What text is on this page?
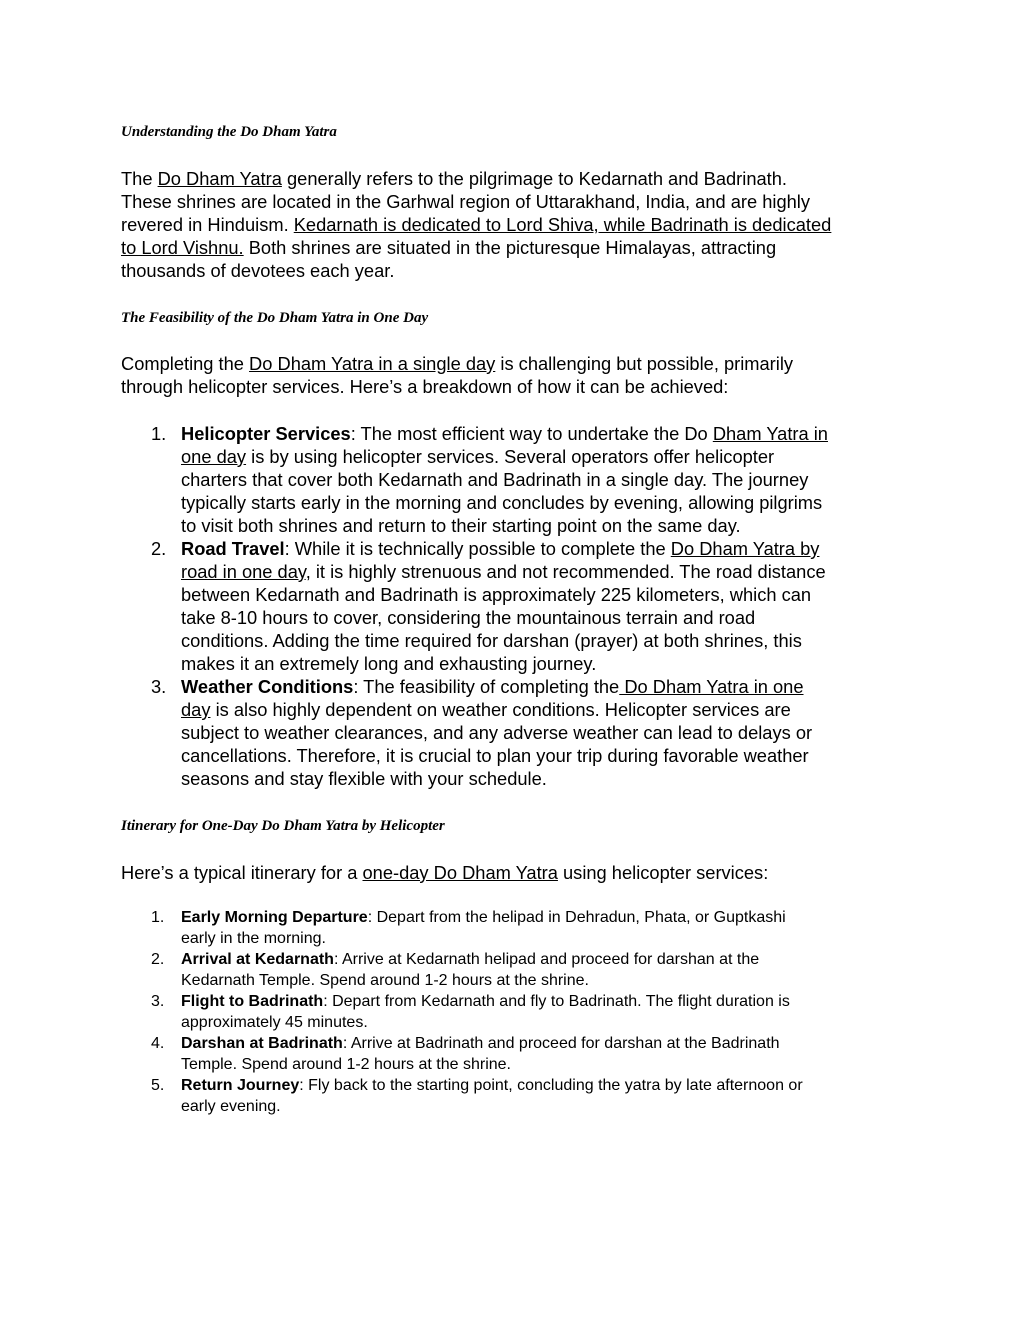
Understanding the Do Dham Yatra
The Do Dham Yatra generally refers to the pilgrimage to Kedarnath and Badrinath.
These shrines are located in the Garhwal region of Uttarakhand, India, and are highly
revered in Hinduism. Kedarnath is dedicated to Lord Shiva, while Badrinath is dedicated
to Lord Vishnu. Both shrines are situated in the picturesque Himalayas, attracting
thousands of devotees each year.
The Feasibility of the Do Dham Yatra in One Day
Completing the Do Dham Yatra in a single day is challenging but possible, primarily
through helicopter services. Here’s a breakdown of how it can be achieved:
1. Helicopter Services: The most efficient way to undertake the Do Dham Yatra in
one day is by using helicopter services. Several operators offer helicopter
charters that cover both Kedarnath and Badrinath in a single day. The journey
typically starts early in the morning and concludes by evening, allowing pilgrims
to visit both shrines and return to their starting point on the same day.
2. Road Travel: While it is technically possible to complete the Do Dham Yatra by
road in one day, it is highly strenuous and not recommended. The road distance
between Kedarnath and Badrinath is approximately 225 kilometers, which can
take 8-10 hours to cover, considering the mountainous terrain and road
conditions. Adding the time required for darshan (prayer) at both shrines, this
makes it an extremely long and exhausting journey.
3. Weather Conditions: The feasibility of completing the Do Dham Yatra in one
day is also highly dependent on weather conditions. Helicopter services are
subject to weather clearances, and any adverse weather can lead to delays or
cancellations. Therefore, it is crucial to plan your trip during favorable weather
seasons and stay flexible with your schedule.
Itinerary for One-Day Do Dham Yatra by Helicopter
Here’s a typical itinerary for a one-day Do Dham Yatra using helicopter services:
1. Early Morning Departure: Depart from the helipad in Dehradun, Phata, or Guptkashi
early in the morning.
2. Arrival at Kedarnath: Arrive at Kedarnath helipad and proceed for darshan at the
Kedarnath Temple. Spend around 1-2 hours at the shrine.
3. Flight to Badrinath: Depart from Kedarnath and fly to Badrinath. The flight duration is
approximately 45 minutes.
4. Darshan at Badrinath: Arrive at Badrinath and proceed for darshan at the Badrinath
Temple. Spend around 1-2 hours at the shrine.
5. Return Journey: Fly back to the starting point, concluding the yatra by late afternoon or
early evening.
